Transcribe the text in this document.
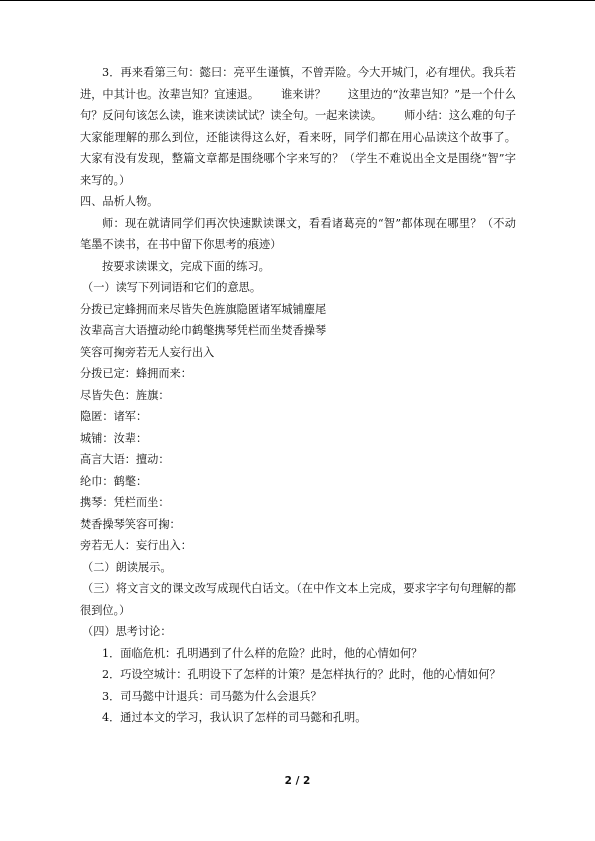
3．再来看第三句：懿曰：亮平生谨慎，不曾弄险。今大开城门，必有埋伏。我兵若进，中其计也。汝辈岂知？宜速退。 谁来讲？ 这里边的“汝辈岂知？”是一个什么句？反问句该怎么读，谁来读读试试？读全句。一起来读读。 师小结：这么难的句子大家能理解的那么到位，还能读得这么好，看来呀，同学们都在用心品读这个故事了。大家有没有发现，整篇文章都是围绕哪个字来写的？（学生不难说出全文是围绕“智”字来写的。）

四、品析人物。

师：现在就请同学们再次快速默读课文，看看诸葛亮的“智”都体现在哪里？（不动笔墨不读书，在书中留下你思考的痕迹）

按要求读课文，完成下面的练习。

（一）读写下列词语和它们的意思。

分拨已定蜂拥而来尽皆失色旌旗隐匿诸军城铺麈尾

汝辈高言大语擅动纶巾鹤氅携琴凭栏而坐焚香操琴

笑容可掬旁若无人妄行出入

分拨已定：蜂拥而来：

尽皆失色：旌旗：

隐匿：诸军：

城铺：汝辈：

高言大语：擅动：

纶巾：鹤氅：

携琴：凭栏而坐：

焚香操琴笑容可掬：

旁若无人：妄行出入：

（二）朗读展示。

（三）将文言文的课文改写成现代白话文。（在中作文本上完成，要求字字句句理解的都很到位。）

（四）思考讨论：

1．面临危机：孔明遇到了什么样的危险？此时，他的心情如何？

2．巧设空城计：孔明设下了怎样的计策？是怎样执行的？此时，他的心情如何？

3．司马懿中计退兵：司马懿为什么会退兵？

4．通过本文的学习，我认识了怎样的司马懿和孔明。

2 / 2
